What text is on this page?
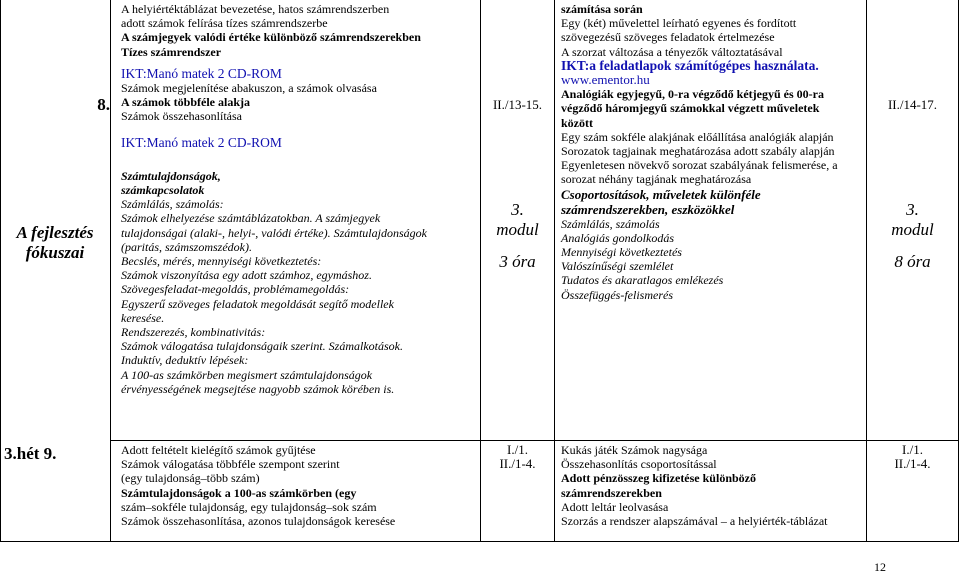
8.
A fejlesztés
fókuszai
3.hét 9.
A helyiértéktáblázat bevezetése, hatos számrendszerben
adott számok felírása tízes számrendszerbe
A számjegyek valódi értéke különböző számrendszerekben
Tízes számrendszer
IKT:Manó matek 2 CD-ROM
Számok megjelenítése abakuszon, a számok olvasása
A számok többféle alakja
Számok összehasonlítása
IKT:Manó matek 2 CD-ROM
Számtulajdonságok,
számkapcsolatok
Számlálás, számolás:
Számok elhelyezése számtáblázatokban. A számjegyek
tulajdonságai (alaki-, helyi-, valódi értéke). Számtulajdonságok
(paritás, számszomszédok).
Becslés, mérés, mennyiségi következtetés:
Számok viszonyítása egy adott számhoz, egymáshoz.
Szövegesfeladat-megoldás, problémamegoldás:
Egyszerű szöveges feladatok megoldását segítő modellek
keresése.
Rendszerezés, kombinativitás:
Számok válogatása tulajdonságaik szerint. Számalkotások.
Induktív, deduktív lépések:
A 100-as számkörben megismert számtulajdonságok
érvényességének megsejtése nagyobb számok körében is.
Adott feltételt kielégítő számok gyűjtése
Számok válogatása többféle szempont szerint
(egy tulajdonság–több szám)
Számtulajdonságok a 100-as számkörben (egy
szám–sokféle tulajdonság, egy tulajdonság–sok szám
Számok összehasonlítása, azonos tulajdonságok keresése
II./13-15.
3.
modul
3 óra
I./1.
II./1-4.
számítása során
Egy (két) művelettel leírható egyenes és fordított
szövegezésű szöveges feladatok értelmezése
A szorzat változása a tényezők változtatásával
IKT:a feladatlapok számítógépes használata.
www.ementor.hu
Analógiák egyjegyű, 0-ra végződő kétjegyű és 00-ra
végződő háromjegyű számokkal végzett műveletek
között
Egy szám sokféle alakjának előállítása analógiák alapján
Sorozatok tagjainak meghatározása adott szabály alapján
Egyenletesen növekvő sorozat szabályának felismerése, a
sorozat néhány tagjának meghatározása
Csoportosítások, műveletek különféle
számrendszerekben, eszközökkel
Számlálás, számolás
Analógiás gondolkodás
Mennyiségi következtetés
Valószínűségi szemlélet
Tudatos és akaratlagos emlékezés
Összefüggés-felismerés
Kukás játék Számok nagysága
Összehasonlítás csoportosítással
Adott pénzösszeg kifizetése különböző
számrendszerekben
Adott leltár leolvasása
Szorzás a rendszer alapszámával – a helyiérték-táblázat
II./14-17.
3.
modul
8 óra
I./1.
II./1-4.
12
